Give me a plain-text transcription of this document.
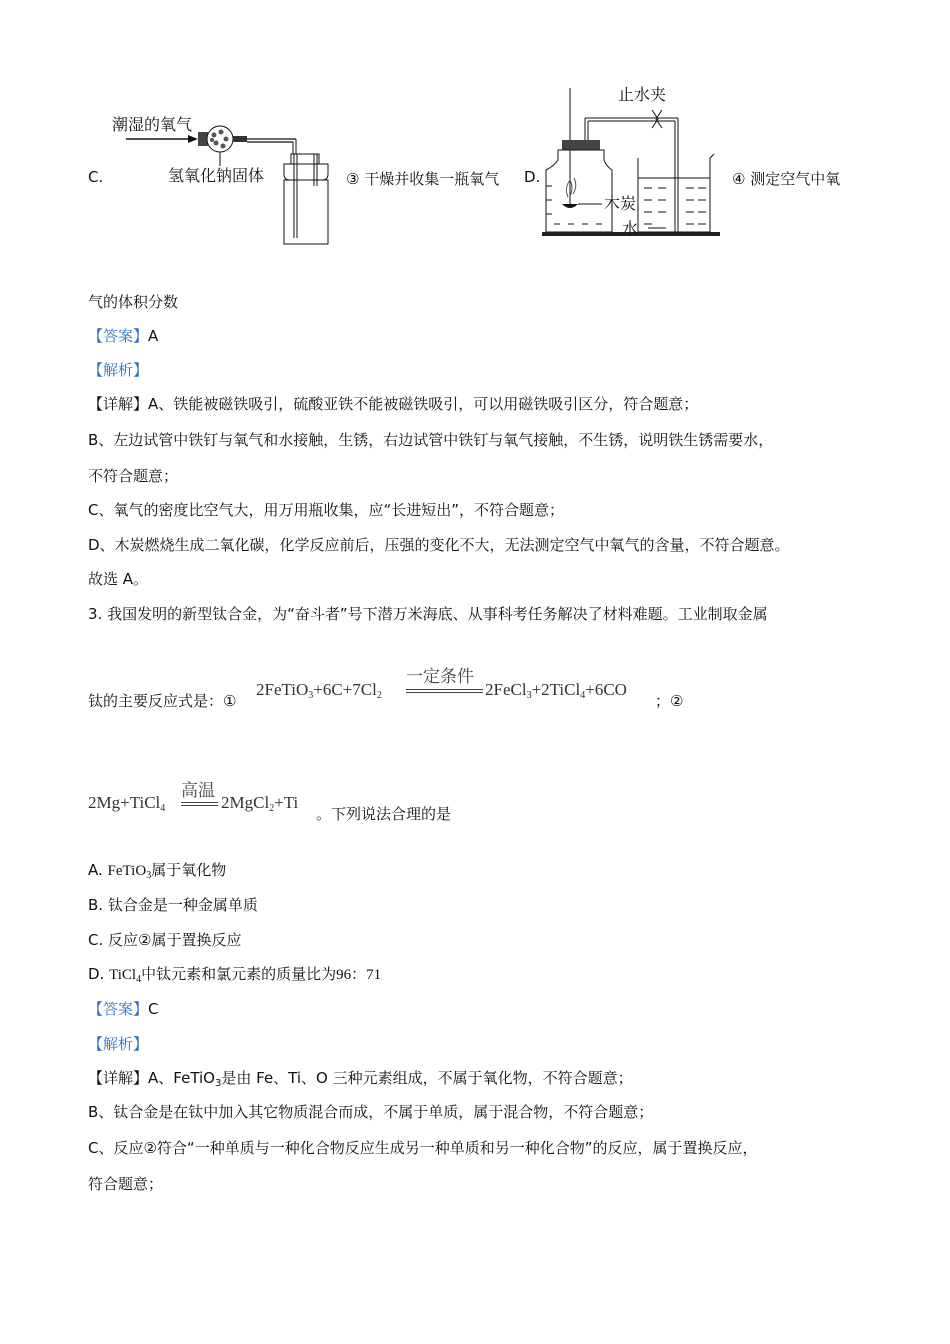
C.
潮湿的氧气
氢氧化钠固体	③ 干燥并收集一瓶氧气 D.
止水夹
木炭
水
④ 测定空气中氧
气的体积分数
【答案】A
【解析】
【详解】A、铁能被磁铁吸引，硫酸亚铁不能被磁铁吸引，可以用磁铁吸引区分，符合题意；
B、左边试管中铁钉与氧气和水接触，生锈，右边试管中铁钉与氧气接触，不生锈，说明铁生锈需要水，
不符合题意；
C、氧气的密度比空气大，用万用瓶收集，应“长进短出”，不符合题意；
D、木炭燃烧生成二氧化碳，化学反应前后，压强的变化不大，无法测定空气中氧气的含量，不符合题意。
故选 A。
3. 我国发明的新型钛合金，为“奋斗者”号下潜万米海底、从事科考任务解决了材料难题。工业制取金属
钛的主要反应式是：①
$2FeTiO_3+6C+7Cl_2$
一定条件
2FeCl$_3$+2TiCl$_4$+6CO
；②
2Mg+TiCl$_4$
高温
2MgCl$_2$+Ti
。下列说法合理的是
A. FeTiO$_3$属于氧化物
B. 钛合金是一种金属单质
C. 反应②属于置换反应
D. TiCl$_4$中钛元素和氯元素的质量比为96：71
【答案】C
【解析】
【详解】A、FeTiO$_3$是由 Fe、Ti、O 三种元素组成，不属于氧化物，不符合题意；
B、钛合金是在钛中加入其它物质混合而成，不属于单质，属于混合物，不符合题意；
C、反应②符合“一种单质与一种化合物反应生成另一种单质和另一种化合物”的反应，属于置换反应，
符合题意；
